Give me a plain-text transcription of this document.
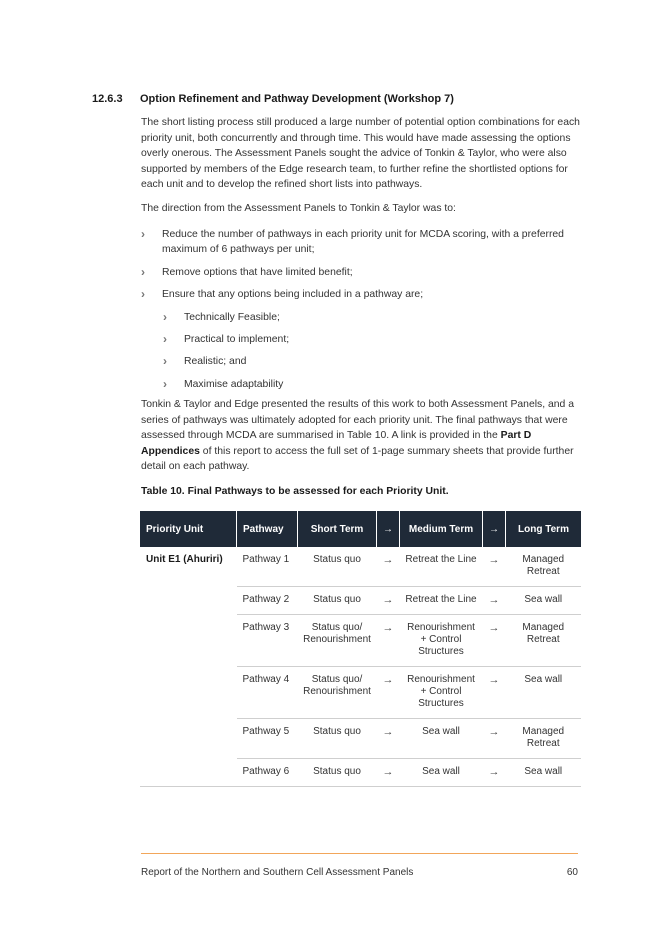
12.6.3 Option Refinement and Pathway Development (Workshop 7)
The short listing process still produced a large number of potential option combinations for each priority unit, both concurrently and through time. This would have made assessing the options overly onerous. The Assessment Panels sought the advice of Tonkin & Taylor, who were also supported by members of the Edge research team, to further refine the shortlisted options for each unit and to develop the refined short lists into pathways.
The direction from the Assessment Panels to Tonkin & Taylor was to:
› Reduce the number of pathways in each priority unit for MCDA scoring, with a preferred maximum of 6 pathways per unit;
› Remove options that have limited benefit;
› Ensure that any options being included in a pathway are;
› Technically Feasible;
› Practical to implement;
› Realistic; and
› Maximise adaptability
Tonkin & Taylor and Edge presented the results of this work to both Assessment Panels, and a series of pathways was ultimately adopted for each priority unit. The final pathways that were assessed through MCDA are summarised in Table 10. A link is provided in the Part D Appendices of this report to access the full set of 1-page summary sheets that provide further detail on each pathway.
Table 10. Final Pathways to be assessed for each Priority Unit.
Priority Unit	Pathway	Short Term	→	Medium Term	→	Long Term
Unit E1 (Ahuriri)	Pathway 1	Status quo	→	Retreat the Line	→	Managed Retreat
	Pathway 2	Status quo	→	Retreat the Line	→	Sea wall
	Pathway 3	Status quo/ Renourishment	→	Renourishment + Control Structures	→	Managed Retreat
	Pathway 4	Status quo/ Renourishment	→	Renourishment + Control Structures	→	Sea wall
	Pathway 5	Status quo	→	Sea wall	→	Managed Retreat
	Pathway 6	Status quo	→	Sea wall	→	Sea wall
Report of the Northern and Southern Cell Assessment Panels	60
